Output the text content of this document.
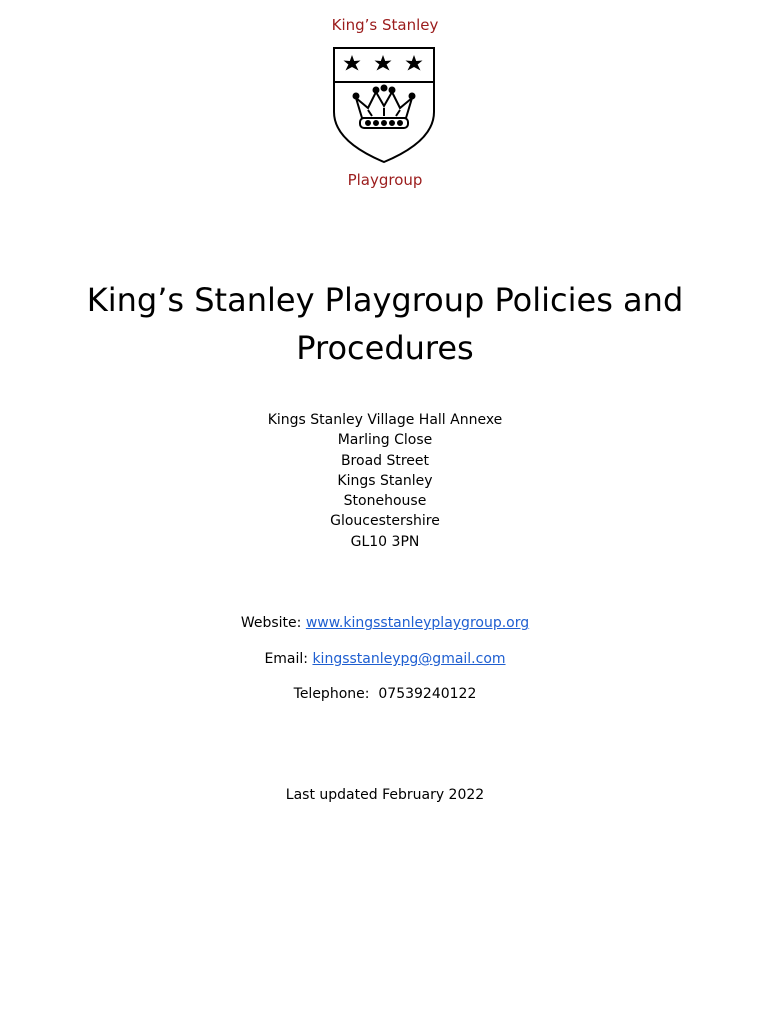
King’s Stanley
Playgroup
King’s Stanley Playgroup Policies and Procedures
Kings Stanley Village Hall Annexe
Marling Close
Broad Street
Kings Stanley
Stonehouse
Gloucestershire
GL10 3PN
Website: www.kingsstanleyplaygroup.org
Email: kingsstanleypg@gmail.com
Telephone: 07539240122
Last updated February 2022
